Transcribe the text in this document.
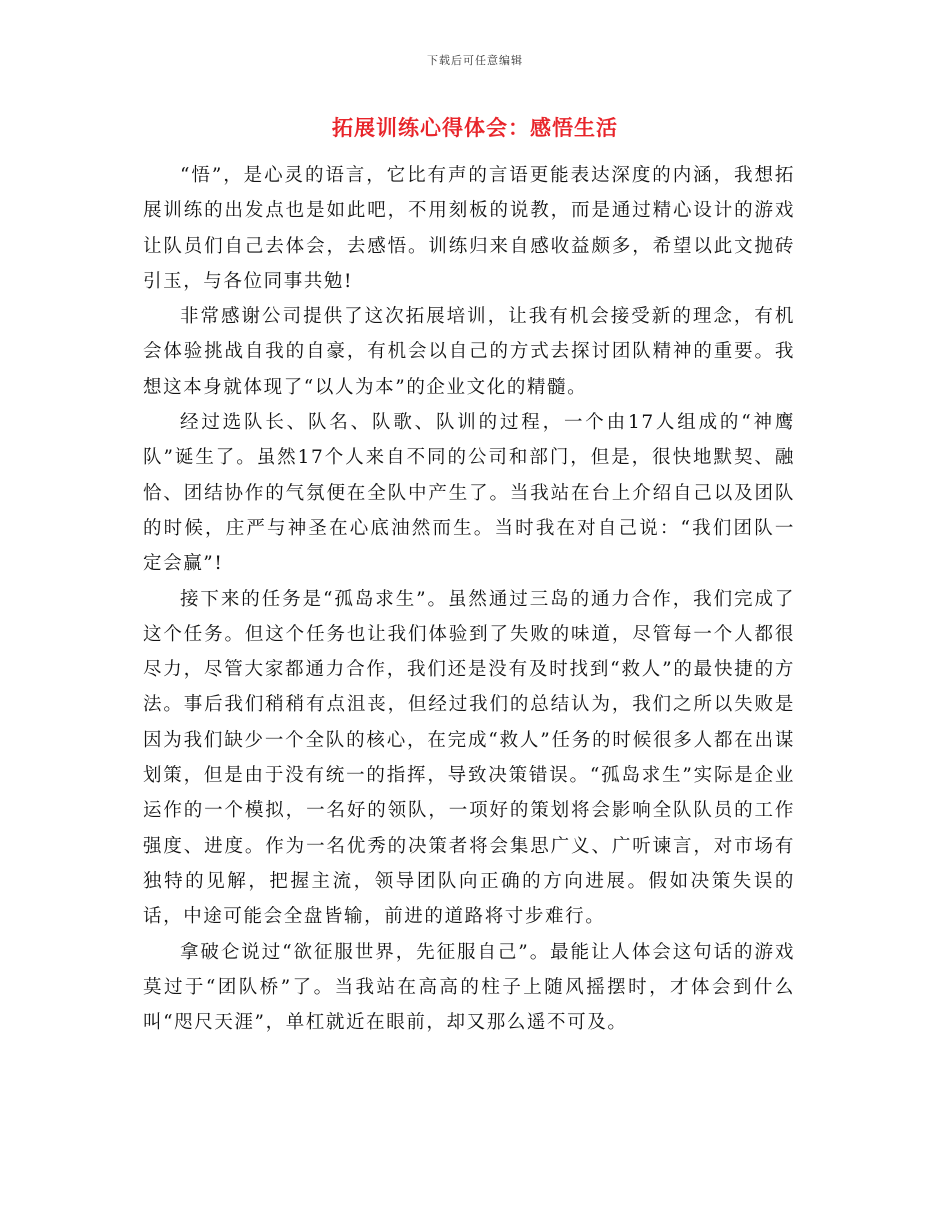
下载后可任意编辑
拓展训练心得体会：感悟生活

“悟”，是心灵的语言，它比有声的言语更能表达深度的内涵，我想拓展训练的出发点也是如此吧，不用刻板的说教，而是通过精心设计的游戏让队员们自己去体会，去感悟。训练归来自感收益颇多，希望以此文抛砖引玉，与各位同事共勉!

非常感谢公司提供了这次拓展培训，让我有机会接受新的理念，有机会体验挑战自我的自豪，有机会以自己的方式去探讨团队精神的重要。我想这本身就体现了“以人为本”的企业文化的精髓。

经过选队长、队名、队歌、队训的过程，一个由17人组成的“神鹰队”诞生了。虽然17个人来自不同的公司和部门，但是，很快地默契、融恰、团结协作的气氛便在全队中产生了。当我站在台上介绍自己以及团队的时候，庄严与神圣在心底油然而生。当时我在对自己说：“我们团队一定会赢”!

接下来的任务是“孤岛求生”。虽然通过三岛的通力合作，我们完成了这个任务。但这个任务也让我们体验到了失败的味道，尽管每一个人都很尽力，尽管大家都通力合作，我们还是没有及时找到“救人”的最快捷的方法。事后我们稍稍有点沮丧，但经过我们的总结认为，我们之所以失败是因为我们缺少一个全队的核心，在完成“救人”任务的时候很多人都在出谋划策，但是由于没有统一的指挥，导致决策错误。“孤岛求生”实际是企业运作的一个模拟，一名好的领队，一项好的策划将会影响全队队员的工作强度、进度。作为一名优秀的决策者将会集思广义、广听谏言，对市场有独特的见解，把握主流，领导团队向正确的方向进展。假如决策失误的话，中途可能会全盘皆输，前进的道路将寸步难行。

拿破仑说过“欲征服世界，先征服自己”。最能让人体会这句话的游戏莫过于“团队桥”了。当我站在高高的柱子上随风摇摆时，才体会到什么叫“咫尺天涯”，单杠就近在眼前，却又那么遥不可及。
